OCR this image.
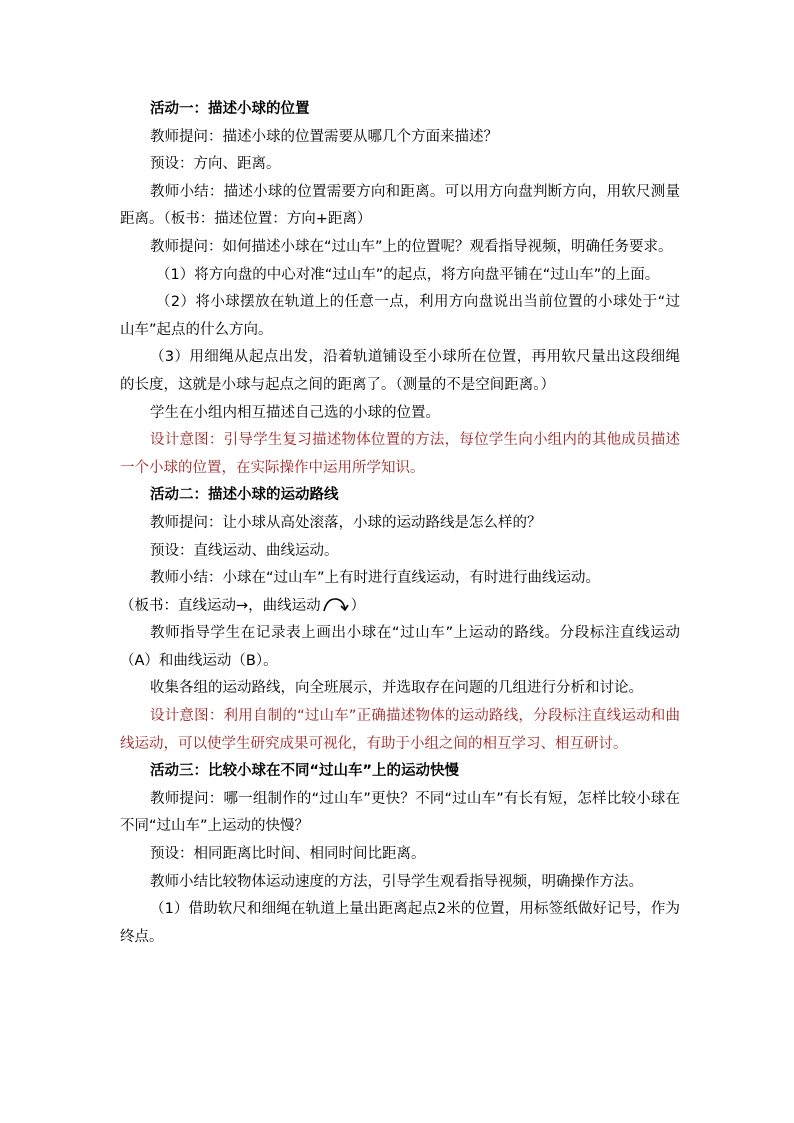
活动一：描述小球的位置

教师提问：描述小球的位置需要从哪几个方面来描述？

预设：方向、距离。

教师小结：描述小球的位置需要方向和距离。可以用方向盘判断方向，用软尺测量距离。（板书：描述位置：方向+距离）

教师提问：如何描述小球在“过山车”上的位置呢？观看指导视频，明确任务要求。

（1）将方向盘的中心对准“过山车”的起点，将方向盘平铺在“过山车”的上面。

（2）将小球摆放在轨道上的任意一点，利用方向盘说出当前位置的小球处于“过山车”起点的什么方向。

（3）用细绳从起点出发，沿着轨道铺设至小球所在位置，再用软尺量出这段细绳的长度，这就是小球与起点之间的距离了。（测量的不是空间距离。）

学生在小组内相互描述自己选的小球的位置。

设计意图：引导学生复习描述物体位置的方法，每位学生向小组内的其他成员描述一个小球的位置，在实际操作中运用所学知识。

活动二：描述小球的运动路线

教师提问：让小球从高处滚落，小球的运动路线是怎么样的？

预设：直线运动、曲线运动。

教师小结：小球在“过山车”上有时进行直线运动，有时进行曲线运动。

（板书：直线运动→，曲线运动 ）

教师指导学生在记录表上画出小球在“过山车”上运动的路线。分段标注直线运动（A）和曲线运动（B）。

收集各组的运动路线，向全班展示，并选取存在问题的几组进行分析和讨论。

设计意图：利用自制的“过山车”正确描述物体的运动路线，分段标注直线运动和曲线运动，可以使学生研究成果可视化，有助于小组之间的相互学习、相互研讨。

活动三：比较小球在不同“过山车”上的运动快慢

教师提问：哪一组制作的“过山车”更快？不同“过山车”有长有短，怎样比较小球在不同“过山车”上运动的快慢？

预设：相同距离比时间、相同时间比距离。

教师小结比较物体运动速度的方法，引导学生观看指导视频，明确操作方法。

（1）借助软尺和细绳在轨道上量出距离起点2米的位置，用标签纸做好记号，作为终点。
